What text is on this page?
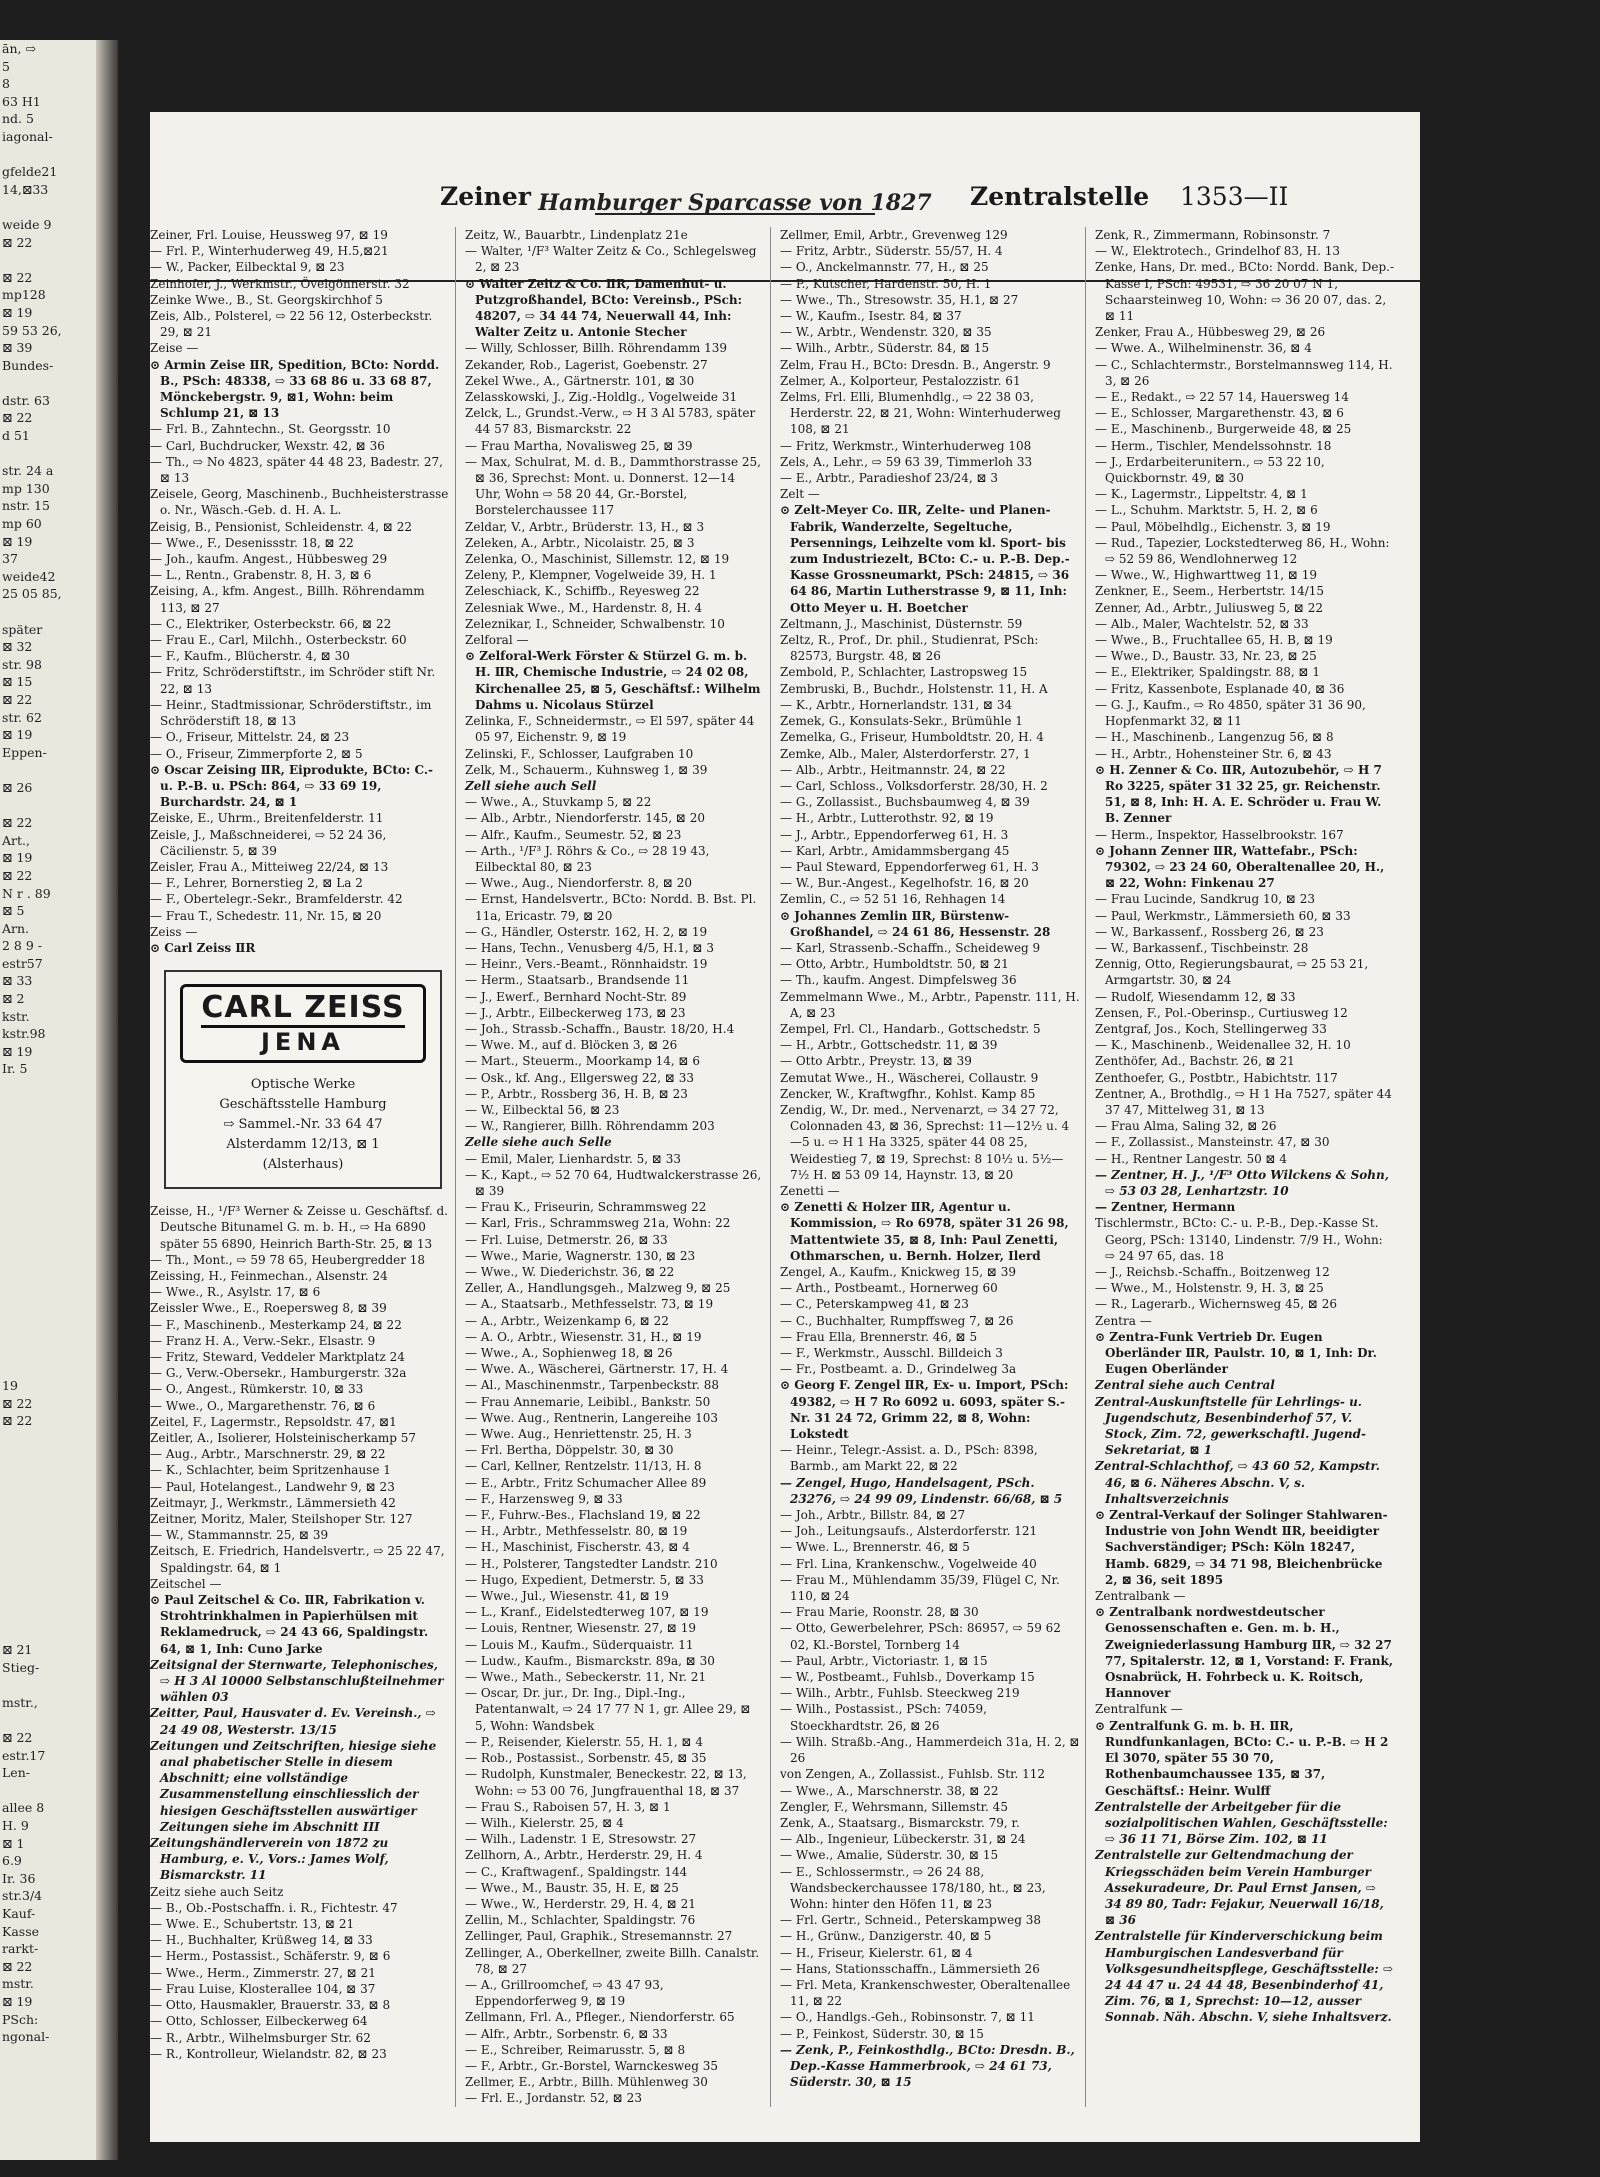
ān, ⇨
5
8
63 H1
nd. 5
iagonal-

gfelde21
14,⊠33

weide 9
⊠ 22

⊠ 22
mp128
⊠ 19
59 53 26,
⊠ 39
Bundes-

dstr. 63
⊠ 22
d 51

str. 24 a
mp 130
nstr. 15
mp 60
⊠ 19
37
weide42
25 05 85,

später
⊠ 32
str. 98
⊠ 15
⊠ 22
str. 62
⊠ 19
Eppen-

⊠ 26

⊠ 22
Art.,
⊠ 19
⊠ 22
N r . 89
⊠ 5
Arn.
2 8 9 -
estr57
⊠ 33
⊠ 2
kstr.
kstr.98
⊠ 19
Ir. 5

19
⊠ 22
⊠ 22

⊠ 21
Stieg-

mstr.,

⊠ 22
estr.17
Len-

allee 8
H. 9
⊠ 1
6.9
Ir. 36
str.3/4
Kauf-
Kasse
rarkt-
⊠ 22
mstr.
⊠ 19
PSch:
ngonal-
Zeiner Hamburger Sparcasse von 1827 Zentralstelle 1353—II

Zeiner, Frl. Louise, Heussweg 97, ⊠ 19

— Frl. P., Winterhuderweg 49, H.5,⊠21

— W., Packer, Eilbecktal 9, ⊠ 23

Zeinhofer, J., Werkmstr., Övelgönnerstr. 32

Zeinke Wwe., B., St. Georgskirchhof 5

Zeis, Alb., Polsterel, ⇨ 22 56 12, Osterbeckstr. 29, ⊠ 21

Zeise —

⊙ Armin Zeise ⅡR, Spedition, BCto: Nordd. B., PSch: 48338, ⇨ 33 68 86 u. 33 68 87, Mönckebergstr. 9, ⊠1, Wohn: beim Schlump 21, ⊠ 13

— Frl. B., Zahntechn., St. Georgsstr. 10

— Carl, Buchdrucker, Wexstr. 42, ⊠ 36

— Th., ⇨ No 4823, später 44 48 23, Badestr. 27, ⊠ 13

Zeisele, Georg, Maschinenb., Buchheisterstrasse o. Nr., Wäsch.-Geb. d. H. A. L.

Zeisig, B., Pensionist, Schleidenstr. 4, ⊠ 22

— Wwe., F., Desenissstr. 18, ⊠ 22

— Joh., kaufm. Angest., Hübbesweg 29

— L., Rentn., Grabenstr. 8, H. 3, ⊠ 6

Zeising, A., kfm. Angest., Billh. Röhrendamm 113, ⊠ 27

— C., Elektriker, Osterbeckstr. 66, ⊠ 22

— Frau E., Carl, Milchh., Osterbeckstr. 60

— F., Kaufm., Blücherstr. 4, ⊠ 30

— Fritz, Schröderstiftstr., im Schröder stift Nr. 22, ⊠ 13

— Heinr., Stadtmissionar, Schröderstiftstr., im Schröderstift 18, ⊠ 13

— O., Friseur, Mittelstr. 24, ⊠ 23

— O., Friseur, Zimmerpforte 2, ⊠ 5

⊙ Oscar Zeising ⅡR, Eiprodukte, BCto: C.- u. P.-B. u. PSch: 864, ⇨ 33 69 19, Burchardstr. 24, ⊠ 1

Zeiske, E., Uhrm., Breitenfelderstr. 11

Zeisle, J., Maßschneiderei, ⇨ 52 24 36, Cäcilienstr. 5, ⊠ 39

Zeisler, Frau A., Mitteiweg 22/24, ⊠ 13

— F., Lehrer, Bornerstieg 2, ⊠ La 2

— F., Obertelegr.-Sekr., Bramfelderstr. 42

— Frau T., Schedestr. 11, Nr. 15, ⊠ 20

Zeiss —

⊙ Carl Zeiss ⅡR

CARL ZEISS
JENA
Optische Werke
Geschäftsstelle Hamburg
⇨ Sammel.-Nr. 33 64 47
Alsterdamm 12/13, ⊠ 1
(Alsterhaus)

Zeisse, H., ¹/F³ Werner & Zeisse u. Geschäftsf. d. Deutsche Bitunamel G. m. b. H., ⇨ Ha 6890 später 55 6890, Heinrich Barth-Str. 25, ⊠ 13

— Th., Mont., ⇨ 59 78 65, Heubergredder 18

Zeissing, H., Feinmechan., Alsenstr. 24

— Wwe., R., Asylstr. 17, ⊠ 6

Zeissler Wwe., E., Roepersweg 8, ⊠ 39

— F., Maschinenb., Mesterkamp 24, ⊠ 22

— Franz H. A., Verw.-Sekr., Elsastr. 9

— Fritz, Steward, Veddeler Marktplatz 24

— G., Verw.-Obersekr., Hamburgerstr. 32a

— O., Angest., Rümkerstr. 10, ⊠ 33

— Wwe., O., Margarethenstr. 76, ⊠ 6

Zeitel, F., Lagermstr., Repsoldstr. 47, ⊠1

Zeitler, A., Isolierer, Holsteinischerkamp 57

— Aug., Arbtr., Marschnerstr. 29, ⊠ 22

— K., Schlachter, beim Spritzenhause 1

— Paul, Hotelangest., Landwehr 9, ⊠ 23

Zeitmayr, J., Werkmstr., Lämmersieth 42

Zeitner, Moritz, Maler, Steilshoper Str. 127

— W., Stammannstr. 25, ⊠ 39

Zeitsch, E. Friedrich, Handelsvertr., ⇨ 25 22 47, Spaldingstr. 64, ⊠ 1

Zeitschel —

⊙ Paul Zeitschel & Co. ⅡR, Fabrikation v. Strohtrinkhalmen in Papierhülsen mit Reklamedruck, ⇨ 24 43 66, Spaldingstr. 64, ⊠ 1, Inh: Cuno Jarke

Zeitsignal der Sternwarte, Telephonisches, ⇨ H 3 Al 10000 Selbstanschlußteilnehmer wählen 03

Zeitter, Paul, Hausvater d. Ev. Vereinsh., ⇨ 24 49 08, Westerstr. 13/15

Zeitungen und Zeitschriften, hiesige siehe anal phabetischer Stelle in diesem Abschnitt; eine vollständige Zusammenstellung einschliesslich der hiesigen Geschäftsstellen auswärtiger Zeitungen siehe im Abschnitt III

Zeitungshändlerverein von 1872 zu Hamburg, e. V., Vors.: James Wolf, Bismarckstr. 11

Zeitz siehe auch Seitz

— B., Ob.-Postschaffn. i. R., Fichtestr. 47

— Wwe. E., Schubertstr. 13, ⊠ 21

— H., Buchhalter, Krüßweg 14, ⊠ 33

— Herm., Postassist., Schäferstr. 9, ⊠ 6

— Wwe., Herm., Zimmerstr. 27, ⊠ 21

— Frau Luise, Klosterallee 104, ⊠ 37

— Otto, Hausmakler, Brauerstr. 33, ⊠ 8

— Otto, Schlosser, Eilbeckerweg 64

— R., Arbtr., Wilhelmsburger Str. 62

— R., Kontrolleur, Wielandstr. 82, ⊠ 23

Zeitz, W., Bauarbtr., Lindenplatz 21e

— Walter, ¹/F³ Walter Zeitz & Co., Schlegelsweg 2, ⊠ 23

⊙ Walter Zeitz & Co. ⅡR, Damenhut- u. Putzgroßhandel, BCto: Vereinsb., PSch: 48207, ⇨ 34 44 74, Neuerwall 44, Inh: Walter Zeitz u. Antonie Stecher

— Willy, Schlosser, Billh. Röhrendamm 139

Zekander, Rob., Lagerist, Goebenstr. 27

Zekel Wwe., A., Gärtnerstr. 101, ⊠ 30

Zelasskowski, J., Zig.-Holdlg., Vogelweide 31

Zelck, L., Grundst.-Verw., ⇨ H 3 Al 5783, später 44 57 83, Bismarckstr. 22

— Frau Martha, Novalisweg 25, ⊠ 39

— Max, Schulrat, M. d. B., Dammthorstrasse 25, ⊠ 36, Sprechst: Mont. u. Donnerst. 12—14 Uhr, Wohn ⇨ 58 20 44, Gr.-Borstel, Borstelerchaussee 117

Zeldar, V., Arbtr., Brüderstr. 13, H., ⊠ 3

Zeleken, A., Arbtr., Nicolaistr. 25, ⊠ 3

Zelenka, O., Maschinist, Sillemstr. 12, ⊠ 19

Zeleny, P., Klempner, Vogelweide 39, H. 1

Zeleschiack, K., Schiffb., Reyesweg 22

Zelesniak Wwe., M., Hardenstr. 8, H. 4

Zeleznikar, I., Schneider, Schwalbenstr. 10

Zelforal —

⊙ Zelforal-Werk Förster & Stürzel G. m. b. H. ⅡR, Chemische Industrie, ⇨ 24 02 08, Kirchenallee 25, ⊠ 5, Geschäftsf.: Wilhelm Dahms u. Nicolaus Stürzel

Zelinka, F., Schneidermstr., ⇨ El 597, später 44 05 97, Eichenstr. 9, ⊠ 19

Zelinski, F., Schlosser, Laufgraben 10

Zelk, M., Schauerm., Kuhnsweg 1, ⊠ 39

Zell siehe auch Sell

— Wwe., A., Stuvkamp 5, ⊠ 22

— Alb., Arbtr., Niendorferstr. 145, ⊠ 20

— Alfr., Kaufm., Seumestr. 52, ⊠ 23

— Arth., ¹/F³ J. Röhrs & Co., ⇨ 28 19 43, Eilbecktal 80, ⊠ 23

— Wwe., Aug., Niendorferstr. 8, ⊠ 20

— Ernst, Handelsvertr., BCto: Nordd. B. Bst. Pl. 11a, Ericastr. 79, ⊠ 20

— G., Händler, Osterstr. 162, H. 2, ⊠ 19

— Hans, Techn., Venusberg 4/5, H.1, ⊠ 3

— Heinr., Vers.-Beamt., Rönnhaidstr. 19

— Herm., Staatsarb., Brandsende 11

— J., Ewerf., Bernhard Nocht-Str. 89

— J., Arbtr., Eilbeckerweg 173, ⊠ 23

— Joh., Strassb.-Schaffn., Baustr. 18/20, H.4

— Wwe. M., auf d. Blöcken 3, ⊠ 26

— Mart., Steuerm., Moorkamp 14, ⊠ 6

— Osk., kf. Ang., Ellgersweg 22, ⊠ 33

— P., Arbtr., Rossberg 36, H. B, ⊠ 23

— W., Eilbecktal 56, ⊠ 23

— W., Rangierer, Billh. Röhrendamm 203

Zelle siehe auch Selle

— Emil, Maler, Lienhardstr. 5, ⊠ 33

— K., Kapt., ⇨ 52 70 64, Hudtwalckerstrasse 26, ⊠ 39

— Frau K., Friseurin, Schrammsweg 22

— Karl, Fris., Schrammsweg 21a, Wohn: 22

— Frl. Luise, Detmerstr. 26, ⊠ 33

— Wwe., Marie, Wagnerstr. 130, ⊠ 23

— Wwe., W. Diederichstr. 36, ⊠ 22

Zeller, A., Handlungsgeh., Malzweg 9, ⊠ 25

— A., Staatsarb., Methfesselstr. 73, ⊠ 19

— A., Arbtr., Weizenkamp 6, ⊠ 22

— A. O., Arbtr., Wiesenstr. 31, H., ⊠ 19

— Wwe., A., Sophienweg 18, ⊠ 26

— Wwe. A., Wäscherei, Gärtnerstr. 17, H. 4

— Al., Maschinenmstr., Tarpenbeckstr. 88

— Frau Annemarie, Leibibl., Bankstr. 50

— Wwe. Aug., Rentnerin, Langereihe 103

— Wwe. Aug., Henriettenstr. 25, H. 3

— Frl. Bertha, Döppelstr. 30, ⊠ 30

— Carl, Kellner, Rentzelstr. 11/13, H. 8

— E., Arbtr., Fritz Schumacher Allee 89

— F., Harzensweg 9, ⊠ 33

— F., Fuhrw.-Bes., Flachsland 19, ⊠ 22

— H., Arbtr., Methfesselstr. 80, ⊠ 19

— H., Maschinist, Fischerstr. 43, ⊠ 4

— H., Polsterer, Tangstedter Landstr. 210

— Hugo, Expedient, Detmerstr. 5, ⊠ 33

— Wwe., Jul., Wiesenstr. 41, ⊠ 19

— L., Kranf., Eidelstedterweg 107, ⊠ 19

— Louis, Rentner, Wiesenstr. 27, ⊠ 19

— Louis M., Kaufm., Süderquaistr. 11

— Ludw., Kaufm., Bismarckstr. 89a, ⊠ 30

— Wwe., Math., Sebeckerstr. 11, Nr. 21

— Oscar, Dr. jur., Dr. Ing., Dipl.-Ing., Patentanwalt, ⇨ 24 17 77 N 1, gr. Allee 29, ⊠ 5, Wohn: Wandsbek

— P., Reisender, Kielerstr. 55, H. 1, ⊠ 4

— Rob., Postassist., Sorbenstr. 45, ⊠ 35

— Rudolph, Kunstmaler, Beneckestr. 22, ⊠ 13, Wohn: ⇨ 53 00 76, Jungfrauenthal 18, ⊠ 37

— Frau S., Raboisen 57, H. 3, ⊠ 1

— Wilh., Kielerstr. 25, ⊠ 4

— Wilh., Ladenstr. 1 E, Stresowstr. 27

Zellhorn, A., Arbtr., Herderstr. 29, H. 4

— C., Kraftwagenf., Spaldingstr. 144

— Wwe., M., Baustr. 35, H. E, ⊠ 25

— Wwe., W., Herderstr. 29, H. 4, ⊠ 21

Zellin, M., Schlachter, Spaldingstr. 76

Zellinger, Paul, Graphik., Stresemannstr. 27

Zellinger, A., Oberkellner, zweite Billh. Canalstr. 78, ⊠ 27

— A., Grillroomchef, ⇨ 43 47 93, Eppendorferweg 9, ⊠ 19

Zellmann, Frl. A., Pfleger., Niendorferstr. 65

— Alfr., Arbtr., Sorbenstr. 6, ⊠ 33

— E., Schreiber, Reimarusstr. 5, ⊠ 8

— F., Arbtr., Gr.-Borstel, Warnckesweg 35

Zellmer, E., Arbtr., Billh. Mühlenweg 30

— Frl. E., Jordanstr. 52, ⊠ 23

Zellmer, Emil, Arbtr., Grevenweg 129

— Fritz, Arbtr., Süderstr. 55/57, H. 4

— O., Anckelmannstr. 77, H., ⊠ 25

— P., Kutscher, Hardenstr. 50, H. 1

— Wwe., Th., Stresowstr. 35, H.1, ⊠ 27

— W., Kaufm., Isestr. 84, ⊠ 37

— W., Arbtr., Wendenstr. 320, ⊠ 35

— Wilh., Arbtr., Süderstr. 84, ⊠ 15

Zelm, Frau H., BCto: Dresdn. B., Angerstr. 9

Zelmer, A., Kolporteur, Pestalozzistr. 61

Zelms, Frl. Elli, Blumenhdlg., ⇨ 22 38 03, Herderstr. 22, ⊠ 21, Wohn: Winterhuderweg 108, ⊠ 21

— Fritz, Werkmstr., Winterhuderweg 108

Zels, A., Lehr., ⇨ 59 63 39, Timmerloh 33

— E., Arbtr., Paradieshof 23/24, ⊠ 3

Zelt —

⊙ Zelt-Meyer Co. ⅡR, Zelte- und Planen-Fabrik, Wanderzelte, Segeltuche, Persennings, Leihzelte vom kl. Sport- bis zum Industriezelt, BCto: C.- u. P.-B. Dep.-Kasse Grossneumarkt, PSch: 24815, ⇨ 36 64 86, Martin Lutherstrasse 9, ⊠ 11, Inh: Otto Meyer u. H. Boetcher

Zeltmann, J., Maschinist, Düsternstr. 59

Zeltz, R., Prof., Dr. phil., Studienrat, PSch: 82573, Burgstr. 48, ⊠ 26

Zembold, P., Schlachter, Lastropsweg 15

Zembruski, B., Buchdr., Holstenstr. 11, H. A

— K., Arbtr., Hornerlandstr. 131, ⊠ 34

Zemek, G., Konsulats-Sekr., Brümühle 1

Zemelka, G., Friseur, Humboldtstr. 20, H. 4

Zemke, Alb., Maler, Alsterdorferstr. 27, 1

— Alb., Arbtr., Heitmannstr. 24, ⊠ 22

— Carl, Schloss., Volksdorferstr. 28/30, H. 2

— G., Zollassist., Buchsbaumweg 4, ⊠ 39

— H., Arbtr., Lutterothstr. 92, ⊠ 19

— J., Arbtr., Eppendorferweg 61, H. 3

— Karl, Arbtr., Amidammsbergang 45

— Paul Steward, Eppendorferweg 61, H. 3

— W., Bur.-Angest., Kegelhofstr. 16, ⊠ 20

Zemlin, C., ⇨ 52 51 16, Rehhagen 14

⊙ Johannes Zemlin ⅡR, Bürstenw-Großhandel, ⇨ 24 61 86, Hessenstr. 28

— Karl, Strassenb.-Schaffn., Scheideweg 9

— Otto, Arbtr., Humboldtstr. 50, ⊠ 21

— Th., kaufm. Angest. Dimpfelsweg 36

Zemmelmann Wwe., M., Arbtr., Papenstr. 111, H. A, ⊠ 23

Zempel, Frl. Cl., Handarb., Gottschedstr. 5

— H., Arbtr., Gottschedstr. 11, ⊠ 39

— Otto Arbtr., Preystr. 13, ⊠ 39

Zemutat Wwe., H., Wäscherei, Collaustr. 9

Zencker, W., Kraftwgfhr., Kohlst. Kamp 85

Zendig, W., Dr. med., Nervenarzt, ⇨ 34 27 72, Colonnaden 43, ⊠ 36, Sprechst: 11—12½ u. 4—5 u. ⇨ H 1 Ha 3325, später 44 08 25, Weidestieg 7, ⊠ 19, Sprechst: 8 10½ u. 5½—7½ H. ⊠ 53 09 14, Haynstr. 13, ⊠ 20

Zenetti —

⊙ Zenetti & Holzer ⅡR, Agentur u. Kommission, ⇨ Ro 6978, später 31 26 98, Mattentwiete 35, ⊠ 8, Inh: Paul Zenetti, Othmarschen, u. Bernh. Holzer, Ilerd

Zengel, A., Kaufm., Knickweg 15, ⊠ 39

— Arth., Postbeamt., Hornerweg 60

— C., Peterskampweg 41, ⊠ 23

— C., Buchhalter, Rumpffsweg 7, ⊠ 26

— Frau Ella, Brennerstr. 46, ⊠ 5

— F., Werkmstr., Ausschl. Billdeich 3

— Fr., Postbeamt. a. D., Grindelweg 3a

⊙ Georg F. Zengel ⅡR, Ex- u. Import, PSch: 49382, ⇨ H 7 Ro 6092 u. 6093, später S.-Nr. 31 24 72, Grimm 22, ⊠ 8, Wohn: Lokstedt

— Heinr., Telegr.-Assist. a. D., PSch: 8398, Barmb., am Markt 22, ⊠ 22

— Zengel, Hugo, Handelsagent, PSch. 23276, ⇨ 24 99 09, Lindenstr. 66/68, ⊠ 5

— Joh., Arbtr., Billstr. 84, ⊠ 27

— Joh., Leitungsaufs., Alsterdorferstr. 121

— Wwe. L., Brennerstr. 46, ⊠ 5

— Frl. Lina, Krankenschw., Vogelweide 40

— Frau M., Mühlendamm 35/39, Flügel C, Nr. 110, ⊠ 24

— Frau Marie, Roonstr. 28, ⊠ 30

— Otto, Gewerbelehrer, PSch: 86957, ⇨ 59 62 02, Kl.-Borstel, Tornberg 14

— Paul, Arbtr., Victoriastr. 1, ⊠ 15

— W., Postbeamt., Fuhlsb., Doverkamp 15

— Wilh., Arbtr., Fuhlsb. Steeckweg 219

— Wilh., Postassist., PSch: 74059, Stoeckhardtstr. 26, ⊠ 26

— Wilh. Straßb.-Ang., Hammerdeich 31a, H. 2, ⊠ 26

von Zengen, A., Zollassist., Fuhlsb. Str. 112

— Wwe., A., Marschnerstr. 38, ⊠ 22

Zengler, F., Wehrsmann, Sillemstr. 45

Zenk, A., Staatsarg., Bismarckstr. 79, r.

— Alb., Ingenieur, Lübeckerstr. 31, ⊠ 24

— Wwe., Amalie, Süderstr. 30, ⊠ 15

— E., Schlossermstr., ⇨ 26 24 88, Wandsbeckerchaussee 178/180, ht., ⊠ 23, Wohn: hinter den Höfen 11, ⊠ 23

— Frl. Gertr., Schneid., Peterskampweg 38

— H., Grünw., Danzigerstr. 40, ⊠ 5

— H., Friseur, Kielerstr. 61, ⊠ 4

— Hans, Stationsschaffn., Lämmersieth 26

— Frl. Meta, Krankenschwester, Oberaltenallee 11, ⊠ 22

— O., Handlgs.-Geh., Robinsonstr. 7, ⊠ 11

— P., Feinkost, Süderstr. 30, ⊠ 15

— Zenk, P., Feinkosthdlg., BCto: Dresdn. B., Dep.-Kasse Hammerbrook, ⇨ 24 61 73, Süderstr. 30, ⊠ 15

Zenk, R., Zimmermann, Robinsonstr. 7

— W., Elektrotech., Grindelhof 83, H. 13

Zenke, Hans, Dr. med., BCto: Nordd. Bank, Dep.-Kasse I, PSch: 49531, ⇨ 36 20 07 N 1, Schaarsteinweg 10, Wohn: ⇨ 36 20 07, das. 2, ⊠ 11

Zenker, Frau A., Hübbesweg 29, ⊠ 26

— Wwe. A., Wilhelminenstr. 36, ⊠ 4

— C., Schlachtermstr., Borstelmannsweg 114, H. 3, ⊠ 26

— E., Redakt., ⇨ 22 57 14, Hauersweg 14

— E., Schlosser, Margarethenstr. 43, ⊠ 6

— E., Maschinenb., Burgerweide 48, ⊠ 25

— Herm., Tischler, Mendelssohnstr. 18

— J., Erdarbeiterunitern., ⇨ 53 22 10, Quickbornstr. 49, ⊠ 30

— K., Lagermstr., Lippeltstr. 4, ⊠ 1

— L., Schuhm. Marktstr. 5, H. 2, ⊠ 6

— Paul, Möbelhdlg., Eichenstr. 3, ⊠ 19

— Rud., Tapezier, Lockstedterweg 86, H., Wohn: ⇨ 52 59 86, Wendlohnerweg 12

— Wwe., W., Highwarttweg 11, ⊠ 19

Zenkner, E., Seem., Herbertstr. 14/15

Zenner, Ad., Arbtr., Juliusweg 5, ⊠ 22

— Alb., Maler, Wachtelstr. 52, ⊠ 33

— Wwe., B., Fruchtallee 65, H. B, ⊠ 19

— Wwe., D., Baustr. 33, Nr. 23, ⊠ 25

— E., Elektriker, Spaldingstr. 88, ⊠ 1

— Fritz, Kassenbote, Esplanade 40, ⊠ 36

— G. J., Kaufm., ⇨ Ro 4850, später 31 36 90, Hopfenmarkt 32, ⊠ 11

— H., Maschinenb., Langenzug 56, ⊠ 8

— H., Arbtr., Hohensteiner Str. 6, ⊠ 43

⊙ H. Zenner & Co. ⅡR, Autozubehör, ⇨ H 7 Ro 3225, später 31 32 25, gr. Reichenstr. 51, ⊠ 8, Inh: H. A. E. Schröder u. Frau W. B. Zenner

— Herm., Inspektor, Hasselbrookstr. 167

⊙ Johann Zenner ⅡR, Wattefabr., PSch: 79302, ⇨ 23 24 60, Oberaltenallee 20, H., ⊠ 22, Wohn: Finkenau 27

— Frau Lucinde, Sandkrug 10, ⊠ 23

— Paul, Werkmstr., Lämmersieth 60, ⊠ 33

— W., Barkassenf., Rossberg 26, ⊠ 23

— W., Barkassenf., Tischbeinstr. 28

Zennig, Otto, Regierungsbaurat, ⇨ 25 53 21, Armgartstr. 30, ⊠ 24

— Rudolf, Wiesendamm 12, ⊠ 33

Zensen, F., Pol.-Oberinsp., Curtiusweg 12

Zentgraf, Jos., Koch, Stellingerweg 33

— K., Maschinenb., Weidenallee 32, H. 10

Zenthöfer, Ad., Bachstr. 26, ⊠ 21

Zenthoefer, G., Postbtr., Habichtstr. 117

Zentner, A., Brothdlg., ⇨ H 1 Ha 7527, später 44 37 47, Mittelweg 31, ⊠ 13

— Frau Alma, Saling 32, ⊠ 26

— F., Zollassist., Mansteinstr. 47, ⊠ 30

— H., Rentner Langestr. 50 ⊠ 4

— Zentner, H. J., ¹/F³ Otto Wilckens & Sohn, ⇨ 53 03 28, Lenhartzstr. 10

— Zentner, Hermann

Tischlermstr., BCto: C.- u. P.-B., Dep.-Kasse St. Georg, PSch: 13140, Lindenstr. 7/9 H., Wohn: ⇨ 24 97 65, das. 18

— J., Reichsb.-Schaffn., Boitzenweg 12

— Wwe., M., Holstenstr. 9, H. 3, ⊠ 25

— R., Lagerarb., Wichernsweg 45, ⊠ 26

Zentra —

⊙ Zentra-Funk Vertrieb Dr. Eugen Oberländer ⅡR, Paulstr. 10, ⊠ 1, Inh: Dr. Eugen Oberländer

Zentral siehe auch Central

Zentral-Auskunftstelle für Lehrlings- u. Jugendschutz, Besenbinderhof 57, V. Stock, Zim. 72, gewerkschaftl. Jugend-Sekretariat, ⊠ 1

Zentral-Schlachthof, ⇨ 43 60 52, Kampstr. 46, ⊠ 6. Näheres Abschn. V, s. Inhaltsverzeichnis

⊙ Zentral-Verkauf der Solinger Stahlwaren-Industrie von John Wendt ⅡR, beeidigter Sachverständiger; PSch: Köln 18247, Hamb. 6829, ⇨ 34 71 98, Bleichenbrücke 2, ⊠ 36, seit 1895

Zentralbank —

⊙ Zentralbank nordwestdeutscher Genossenschaften e. Gen. m. b. H., Zweigniederlassung Hamburg ⅡR, ⇨ 32 27 77, Spitalerstr. 12, ⊠ 1, Vorstand: F. Frank, Osnabrück, H. Fohrbeck u. K. Roitsch, Hannover

Zentralfunk —

⊙ Zentralfunk G. m. b. H. ⅡR, Rundfunkanlagen, BCto: C.- u. P.-B. ⇨ H 2 El 3070, später 55 30 70, Rothenbaumchaussee 135, ⊠ 37, Geschäftsf.: Heinr. Wulff

Zentralstelle der Arbeitgeber für die sozialpolitischen Wahlen, Geschäftsstelle: ⇨ 36 11 71, Börse Zim. 102, ⊠ 11

Zentralstelle zur Geltendmachung der Kriegsschäden beim Verein Hamburger Assekuradeure, Dr. Paul Ernst Jansen, ⇨ 34 89 80, Tadr: Fejakur, Neuerwall 16/18, ⊠ 36

Zentralstelle für Kinderverschickung beim Hamburgischen Landesverband für Volksgesundheitspflege, Geschäftsstelle: ⇨ 24 44 47 u. 24 44 48, Besenbinderhof 41, Zim. 76, ⊠ 1, Sprechst: 10—12, ausser Sonnab. Näh. Abschn. V, siehe Inhaltsverz.
